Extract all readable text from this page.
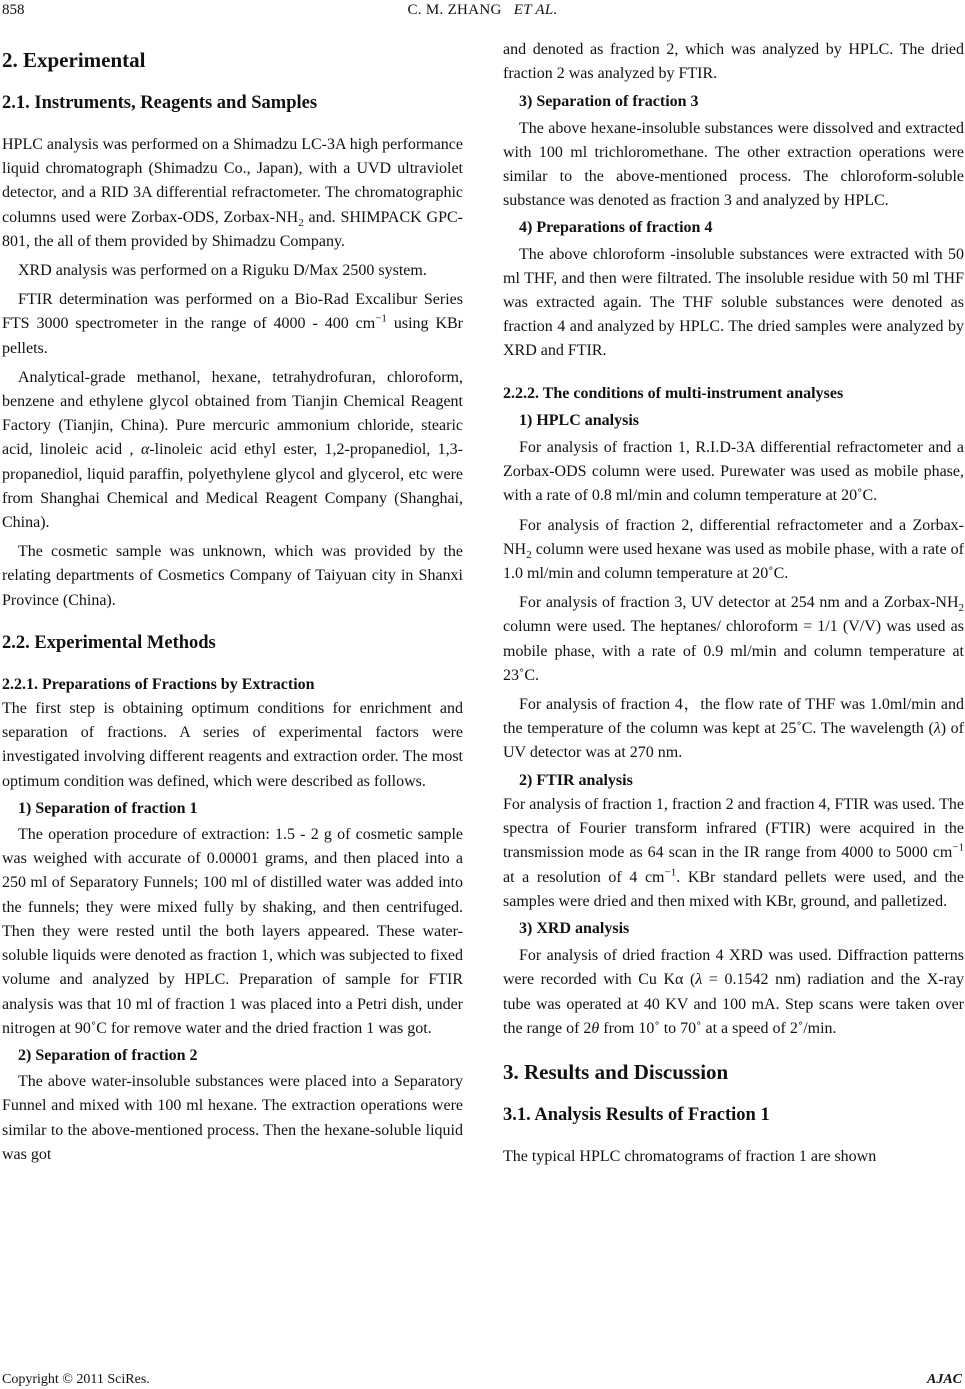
858	C. M. ZHANG ET AL.
2. Experimental
2.1. Instruments, Reagents and Samples

HPLC analysis was performed on a Shimadzu LC-3A high performance liquid chromatograph (Shimadzu Co., Japan), with a UVD ultraviolet detector, and a RID 3A differential refractometer. The chromatographic columns used were Zorbax-ODS, Zorbax-$NH_2$ and. SHIMPACK GPC-801, the all of them provided by Shimadzu Company.

XRD analysis was performed on a Riguku D/Max 2500 system.

FTIR determination was performed on a Bio-Rad Excalibur Series FTS 3000 spectrometer in the range of 4000 - 400 $cm^{-1}$ using KBr pellets.

Analytical-grade methanol, hexane, tetrahydrofuran, chloroform, benzene and ethylene glycol obtained from Tianjin Chemical Reagent Factory (Tianjin, China). Pure mercuric ammonium chloride, stearic acid, linoleic acid , α-linoleic acid ethyl ester, 1,2-propanediol, 1,3-propanediol, liquid paraffin, polyethylene glycol and glycerol, etc were from Shanghai Chemical and Medical Reagent Company (Shanghai, China).

The cosmetic sample was unknown, which was provided by the relating departments of Cosmetics Company of Taiyuan city in Shanxi Province (China).

2.2. Experimental Methods
2.2.1. Preparations of Fractions by Extraction

The first step is obtaining optimum conditions for enrichment and separation of fractions. A series of experimental factors were investigated involving different reagents and extraction order. The most optimum condition was defined, which were described as follows.

1) Separation of fraction 1

The operation procedure of extraction: 1.5 - 2 g of cosmetic sample was weighed with accurate of 0.00001 grams, and then placed into a 250 ml of Separatory Funnels; 100 ml of distilled water was added into the funnels; they were mixed fully by shaking, and then centrifuged. Then they were rested until the both layers appeared. These water-soluble liquids were denoted as fraction 1, which was subjected to fixed volume and analyzed by HPLC. Preparation of sample for FTIR analysis was that 10 ml of fraction 1 was placed into a Petri dish, under nitrogen at 90˚C for remove water and the dried fraction 1 was got.

2) Separation of fraction 2

The above water-insoluble substances were placed into a Separatory Funnel and mixed with 100 ml hexane. The extraction operations were similar to the above-mentioned process. Then the hexane-soluble liquid was got

and denoted as fraction 2, which was analyzed by HPLC. The dried fraction 2 was analyzed by FTIR.

3) Separation of fraction 3

The above hexane-insoluble substances were dissolved and extracted with 100 ml trichloromethane. The other extraction operations were similar to the above-mentioned process. The chloroform-soluble substance was denoted as fraction 3 and analyzed by HPLC.

4) Preparations of fraction 4

The above chloroform -insoluble substances were extracted with 50 ml THF, and then were filtrated. The insoluble residue with 50 ml THF was extracted again. The THF soluble substances were denoted as fraction 4 and analyzed by HPLC. The dried samples were analyzed by XRD and FTIR.

2.2.2. The conditions of multi-instrument analyses

1) HPLC analysis

For analysis of fraction 1, R.I.D-3A differential refractometer and a Zorbax-ODS column were used. Purewater was used as mobile phase, with a rate of 0.8 ml/min and column temperature at 20˚C.

For analysis of fraction 2, differential refractometer and a Zorbax-$NH_2$ column were used hexane was used as mobile phase, with a rate of 1.0 ml/min and column temperature at 20˚C.

For analysis of fraction 3, UV detector at 254 nm and a Zorbax-$NH_2$ column were used. The heptanes/ chloroform = 1/1 (V/V) was used as mobile phase, with a rate of 0.9 ml/min and column temperature at 23˚C.

For analysis of fraction 4，the flow rate of THF was 1.0ml/min and the temperature of the column was kept at 25˚C. The wavelength (λ) of UV detector was at 270 nm.

2) FTIR analysis

For analysis of fraction 1, fraction 2 and fraction 4, FTIR was used. The spectra of Fourier transform infrared (FTIR) were acquired in the transmission mode as 64 scan in the IR range from 4000 to 5000 $cm^{-1}$ at a resolution of 4 $cm^{-1}$. KBr standard pellets were used, and the samples were dried and then mixed with KBr, ground, and palletized.

3) XRD analysis

For analysis of dried fraction 4 XRD was used. Diffraction patterns were recorded with Cu Kα (λ = 0.1542 nm) radiation and the X-ray tube was operated at 40 KV and 100 mA. Step scans were taken over the range of 2θ from 10˚ to 70˚ at a speed of 2˚/min.

3. Results and Discussion
3.1. Analysis Results of Fraction 1

The typical HPLC chromatograms of fraction 1 are shown

Copyright © 2011 SciRes.	AJAC
